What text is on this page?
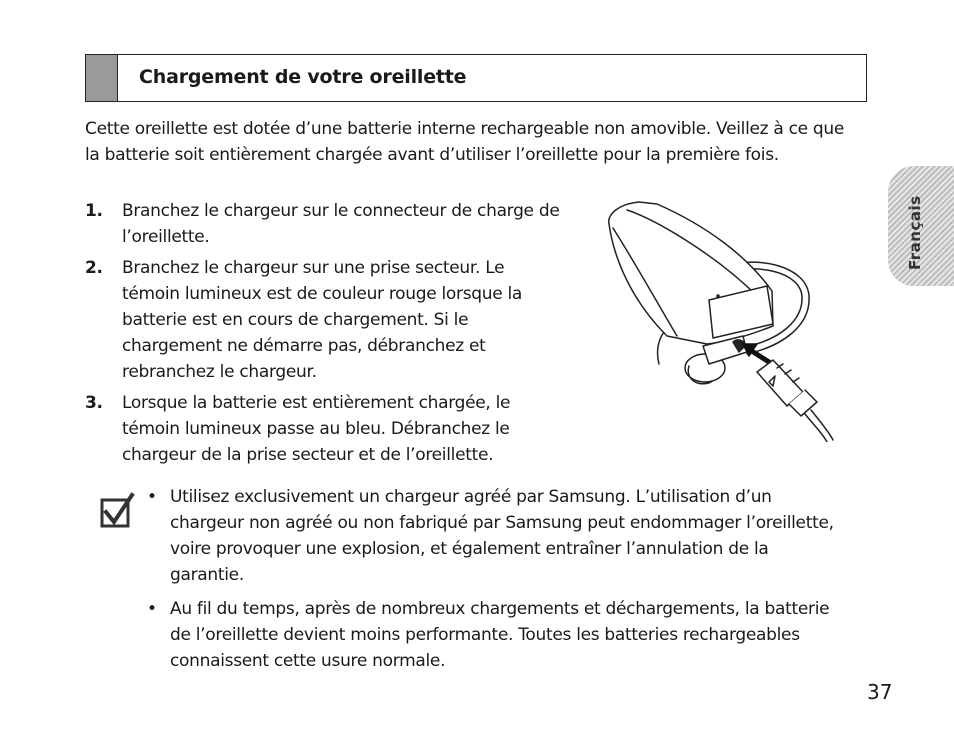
Chargement de votre oreillette

Cette oreillette est dotée d’une batterie interne rechargeable non amovible. Veillez à ce que la batterie soit entièrement chargée avant d’utiliser l’oreillette pour la première fois.

1. Branchez le chargeur sur le connecteur de charge de l’oreillette.
2. Branchez le chargeur sur une prise secteur. Le témoin lumineux est de couleur rouge lorsque la batterie est en cours de chargement. Si le chargement ne démarre pas, débranchez et rebranchez le chargeur.
3. Lorsque la batterie est entièrement chargée, le témoin lumineux passe au bleu. Débranchez le chargeur de la prise secteur et de l’oreillette.
Français
• Utilisez exclusivement un chargeur agréé par Samsung. L’utilisation d’un chargeur non agréé ou non fabriqué par Samsung peut endommager l’oreillette, voire provoquer une explosion, et également entraîner l’annulation de la garantie.
• Au fil du temps, après de nombreux chargements et déchargements, la batterie de l’oreillette devient moins performante. Toutes les batteries rechargeables connaissent cette usure normale.
37
